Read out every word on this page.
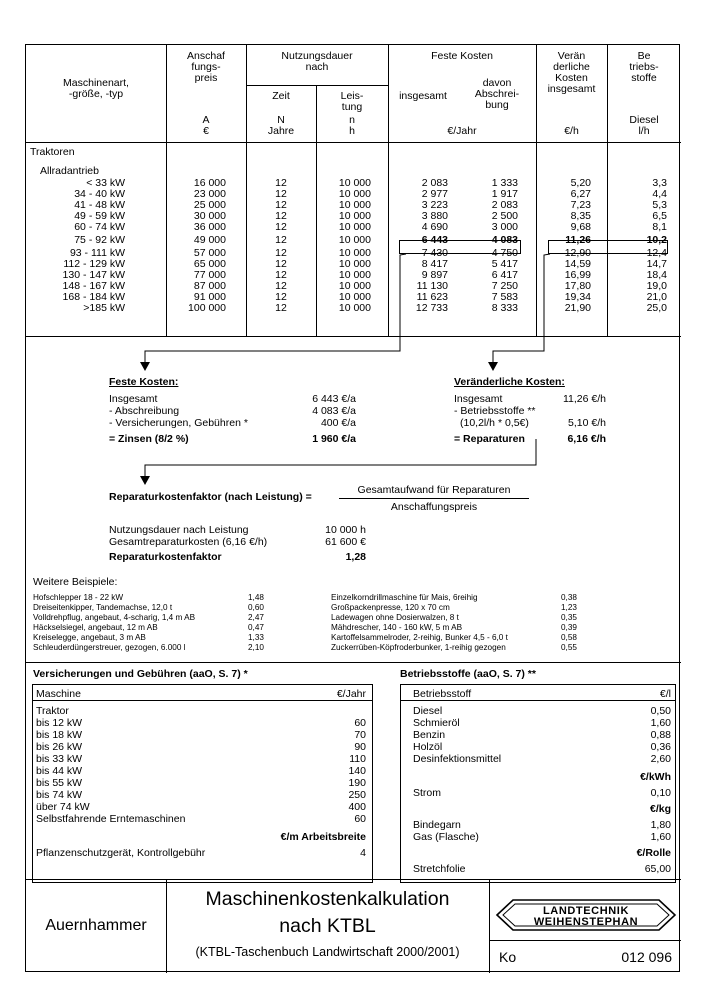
Maschinenart,
-größe, -typ
Anschaf
fungs-
preis
A
€
Nutzungsdauer
nach
Zeit
N
Jahre
Leis-
tung
n
h
Feste Kosten
insgesamt
davon
Abschrei-
bung
€/Jahr
Verän
derliche
Kosten
insgesamt
€/h
Be
triebs-
stoffe
Diesel
l/h
Traktoren
Allradantrieb
< 33 kW	16 000	12	10 000	2 083	1 333	5,20	3,3
34 - 40 kW	23 000	12	10 000	2 977	1 917	6,27	4,4
41 - 48 kW	25 000	12	10 000	3 223	2 083	7,23	5,3
49 - 59 kW	30 000	12	10 000	3 880	2 500	8,35	6,5
60 - 74 kW	36 000	12	10 000	4 690	3 000	9,68	8,1
75 - 92 kW	49 000	12	10 000	6 443	4 083	11,26	10,2
93 - 111 kW	57 000	12	10 000	7 430	4 750	12,90	12,4
112 - 129 kW	65 000	12	10 000	8 417	5 417	14,59	14,7
130 - 147 kW	77 000	12	10 000	9 897	6 417	16,99	18,4
148 - 167 kW	87 000	12	10 000	11 130	7 250	17,80	19,0
168 - 184 kW	91 000	12	10 000	11 623	7 583	19,34	21,0
>185 kW	100 000	12	10 000	12 733	8 333	21,90	25,0
Feste Kosten:
Insgesamt	6 443 €/a
- Abschreibung	4 083 €/a
- Versicherungen, Gebühren *	400 €/a
= Zinsen (8/2 %)	1 960 €/a
Veränderliche Kosten:
Insgesamt	11,26 €/h
- Betriebsstoffe **
(10,2l/h * 0,5€)	5,10 €/h
= Reparaturen	6,16 €/h
Reparaturkostenfaktor (nach Leistung) =
Gesamtaufwand für Reparaturen
Anschaffungspreis
Nutzungsdauer nach Leistung	10 000 h
Gesamtreparaturkosten (6,16 €/h)	61 600 €
Reparaturkostenfaktor	1,28
Weitere Beispiele:
Hofschlepper 18 - 22 kW	1,48
Dreiseitenkipper, Tandemachse, 12,0 t	0,60
Volldrehpflug, angebaut, 4-scharig, 1,4 m AB	2,47
Häckselsiegel, angebaut, 12 m AB	0,47
Kreiselegge, angebaut, 3 m AB	1,33
Schleuderdüngerstreuer, gezogen, 6.000 l	2,10
Einzelkorndrillmaschine für Mais, 6reihig	0,38
Großpackenpresse, 120 x 70 cm	1,23
Ladewagen ohne Dosierwalzen, 8 t	0,35
Mähdrescher, 140 - 160 kW, 5 m AB	0,39
Kartoffelsammelroder, 2-reihig, Bunker 4,5 - 6,0 t	0,58
Zuckerrüben-Köpfroderbunker, 1-reihig gezogen	0,55
Versicherungen und Gebühren (aaO, S. 7) *
Maschine	€/Jahr
Traktor
bis 12 kW	60
bis 18 kW	70
bis 26 kW	90
bis 33 kW	110
bis 44 kW	140
bis 55 kW	190
bis 74 kW	250
über 74 kW	400
Selbstfahrende Erntemaschinen	60
€/m Arbeitsbreite
Pflanzenschutzgerät, Kontrollgebühr	4
Betriebsstoffe (aaO, S. 7) **
Betriebsstoff	€/l
Diesel	0,50
Schmieröl	1,60
Benzin	0,88
Holzöl	0,36
Desinfektionsmittel	2,60
€/kWh
Strom	0,10
€/kg
Bindegarn	1,80
Gas (Flasche)	1,60
€/Rolle
Stretchfolie	65,00
Auernhammer
Maschinenkostenkalkulation
nach KTBL
(KTBL-Taschenbuch Landwirtschaft 2000/2001)
LANDTECHNIK
WEIHENSTEPHAN
Ko	012 096
